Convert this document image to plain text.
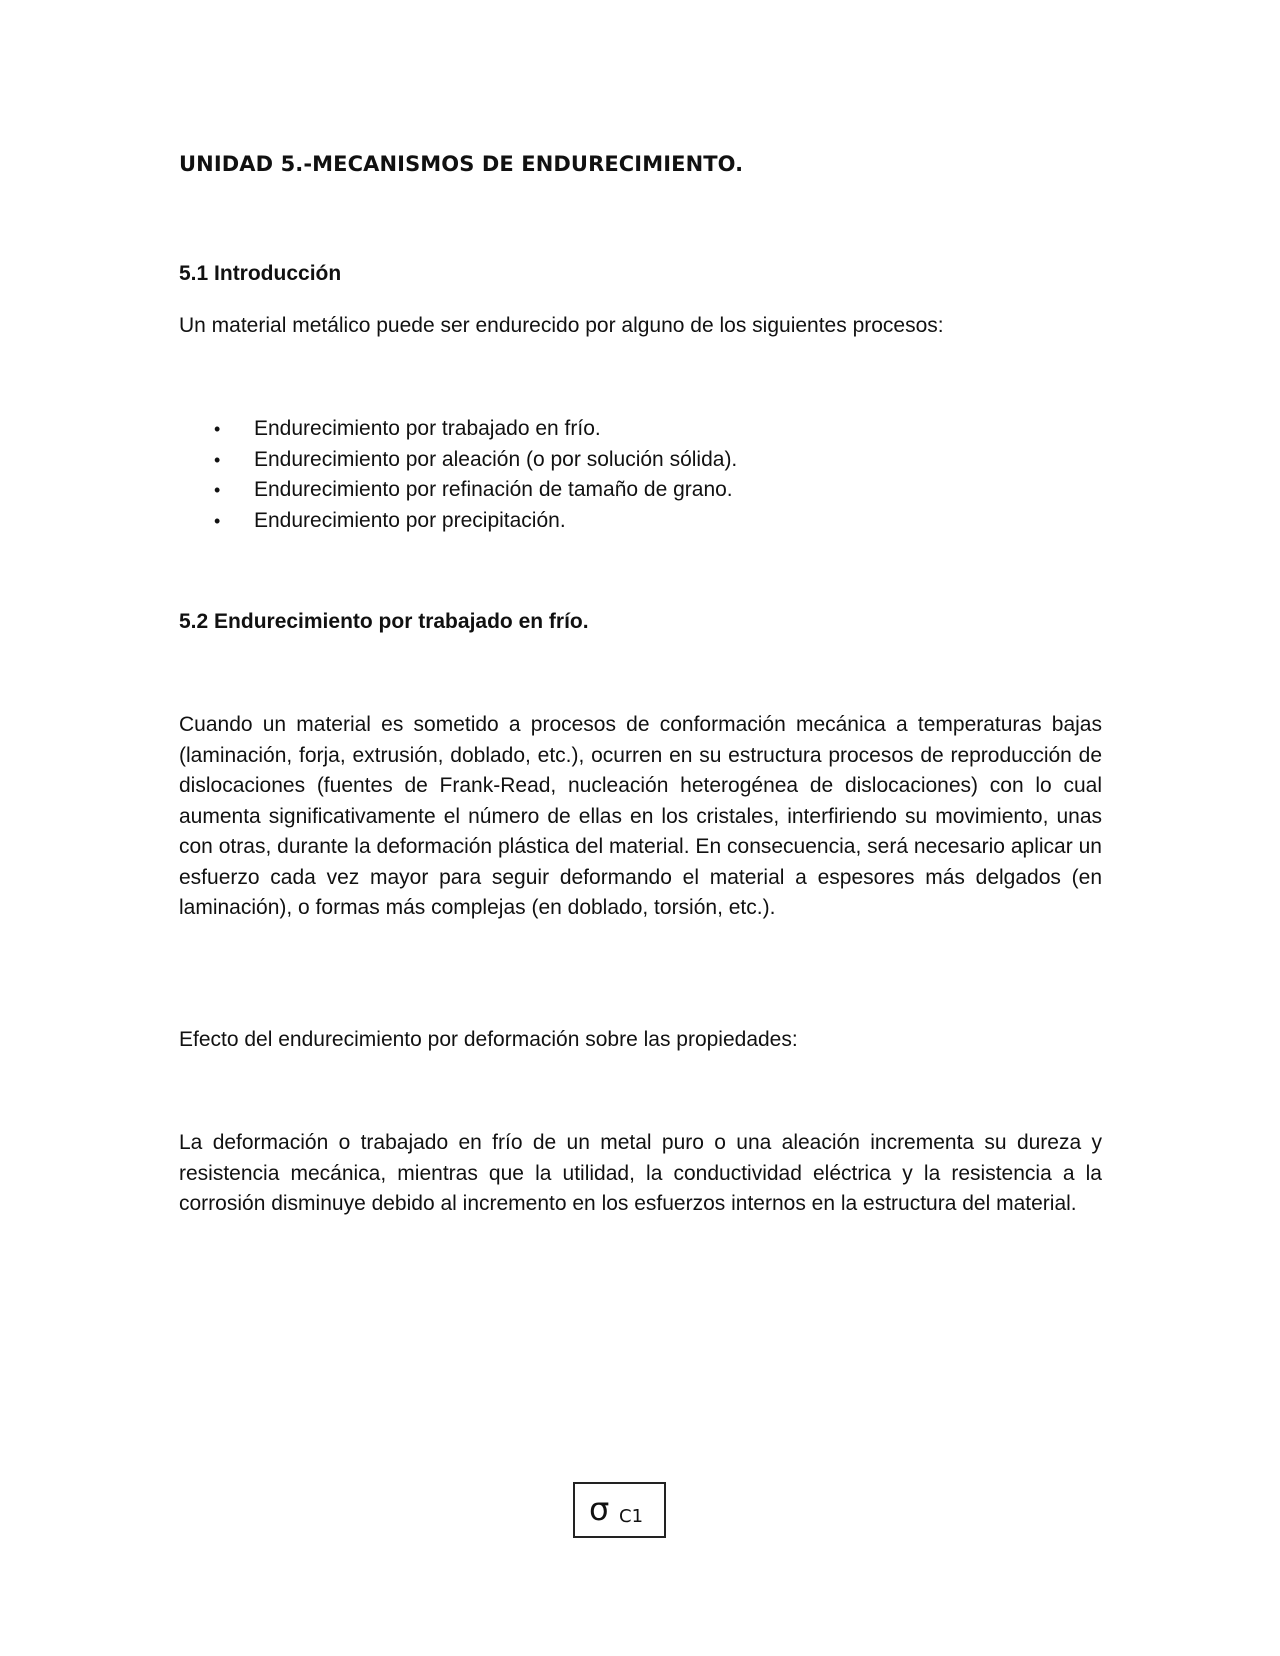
UNIDAD 5.-MECANISMOS DE ENDURECIMIENTO.
5.1 Introducción
Un material metálico puede ser endurecido por alguno de los siguientes procesos:
• Endurecimiento por trabajado en frío.
• Endurecimiento por aleación (o por solución sólida).
• Endurecimiento por refinación de tamaño de grano.
• Endurecimiento por precipitación.
5.2 Endurecimiento por trabajado en frío.
Cuando un material es sometido a procesos de conformación mecánica a temperaturas bajas (laminación, forja, extrusión, doblado, etc.), ocurren en su estructura procesos de reproducción de dislocaciones (fuentes de Frank-Read, nucleación heterogénea de dislocaciones) con lo cual aumenta significativamente el número de ellas en los cristales, interfiriendo su movimiento, unas con otras, durante la deformación plástica del material. En consecuencia, será necesario aplicar un esfuerzo cada vez mayor para seguir deformando el material a espesores más delgados (en laminación), o formas más complejas (en doblado, torsión, etc.).
Efecto del endurecimiento por deformación sobre las propiedades:
La deformación o trabajado en frío de un metal puro o una aleación incrementa su dureza y resistencia mecánica, mientras que la utilidad, la conductividad eléctrica y la resistencia a la corrosión disminuye debido al incremento en los esfuerzos internos en la estructura del material.
σ C1
